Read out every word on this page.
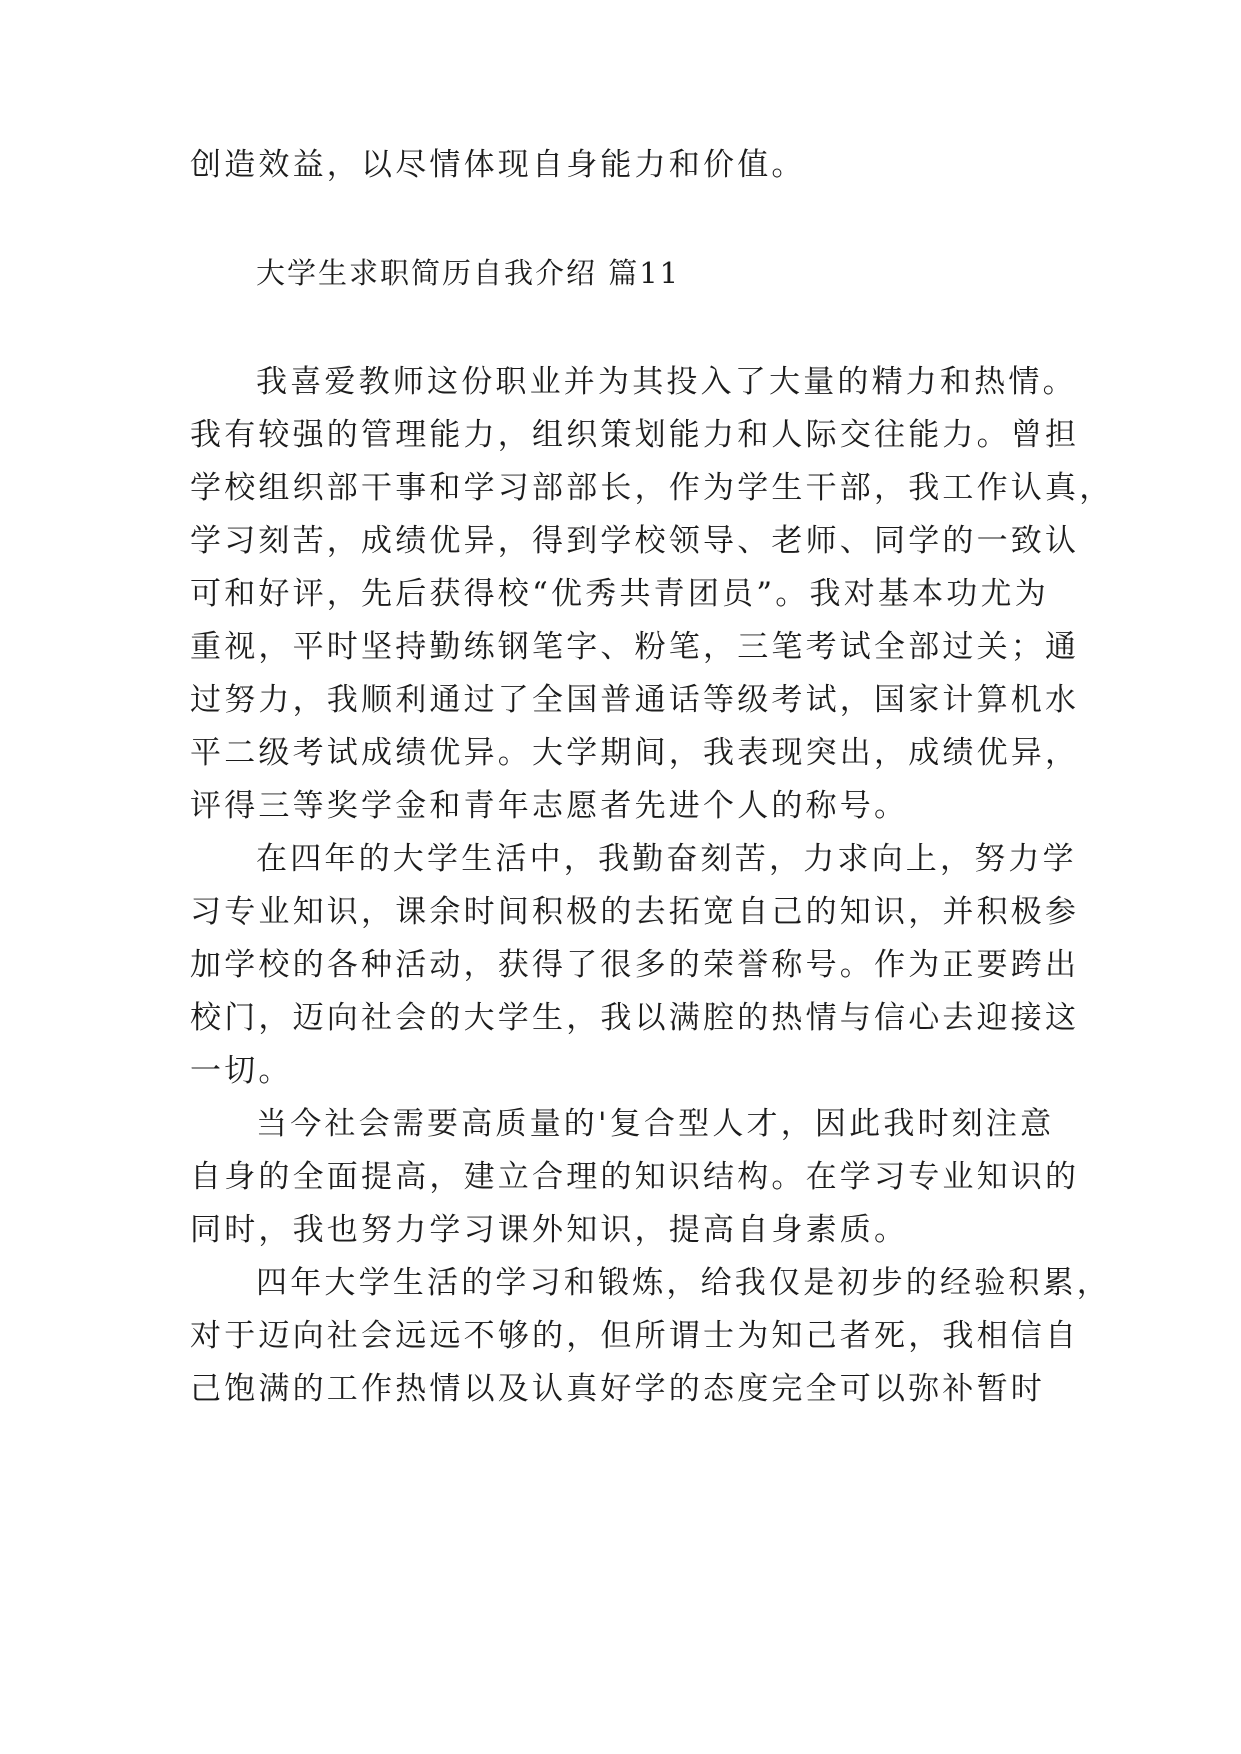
创造效益，以尽情体现自身能力和价值。
大学生求职简历自我介绍 篇11
我喜爱教师这份职业并为其投入了大量的精力和热情。
我有较强的管理能力，组织策划能力和人际交往能力。曾担
学校组织部干事和学习部部长，作为学生干部，我工作认真，
学习刻苦，成绩优异，得到学校领导、老师、同学的一致认
可和好评，先后获得校“优秀共青团员”。我对基本功尤为
重视，平时坚持勤练钢笔字、粉笔，三笔考试全部过关；通
过努力，我顺利通过了全国普通话等级考试，国家计算机水
平二级考试成绩优异。大学期间，我表现突出，成绩优异，
评得三等奖学金和青年志愿者先进个人的称号。
在四年的大学生活中，我勤奋刻苦，力求向上，努力学
习专业知识，课余时间积极的去拓宽自己的知识，并积极参
加学校的各种活动，获得了很多的荣誉称号。作为正要跨出
校门，迈向社会的大学生，我以满腔的热情与信心去迎接这
一切。
当今社会需要高质量的'复合型人才，因此我时刻注意
自身的全面提高，建立合理的知识结构。在学习专业知识的
同时，我也努力学习课外知识，提高自身素质。
四年大学生活的学习和锻炼，给我仅是初步的经验积累，
对于迈向社会远远不够的，但所谓士为知己者死，我相信自
己饱满的工作热情以及认真好学的态度完全可以弥补暂时
